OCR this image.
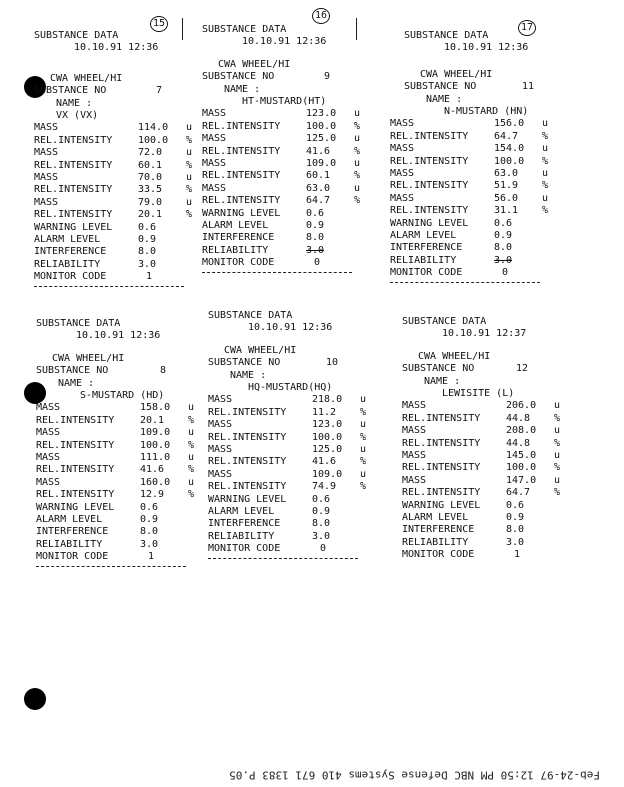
15
16
17
SUBSTANCE DATA
10.10.91 12:36
CWA WHEEL/HI
SUBSTANCE NO	7
NAME :
VX (VX)
MASS	114.0 u
REL.INTENSITY	100.0 %
MASS	72.0 u
REL.INTENSITY	60.1 %
MASS	70.0 u
REL.INTENSITY	33.5 %
MASS	79.0 u
REL.INTENSITY	20.1 %
WARNING LEVEL	0.6
ALARM LEVEL	0.9
INTERFERENCE	8.0
RELIABILITY	3.0
MONITOR CODE	1
SUBSTANCE DATA
10.10.91 12:36
CWA WHEEL/HI
SUBSTANCE NO	9
NAME :
HT-MUSTARD(HT)
MASS	123.0 u
REL.INTENSITY	100.0 %
MASS	125.0 u
REL.INTENSITY	41.6 %
MASS	109.0 u
REL.INTENSITY	60.1 %
MASS	63.0 u
REL.INTENSITY	64.7 %
WARNING LEVEL	0.6
ALARM LEVEL	0.9
INTERFERENCE	8.0
RELIABILITY	3.0
MONITOR CODE	0
SUBSTANCE DATA
10.10.91 12:36
CWA WHEEL/HI
SUBSTANCE NO	11
NAME :
N-MUSTARD (HN)
MASS	156.0 u
REL.INTENSITY	64.7 %
MASS	154.0 u
REL.INTENSITY	100.0 %
MASS	63.0 u
REL.INTENSITY	51.9 %
MASS	56.0 u
REL.INTENSITY	31.1 %
WARNING LEVEL	0.6
ALARM LEVEL	0.9
INTERFERENCE	8.0
RELIABILITY	3.0
MONITOR CODE	0
SUBSTANCE DATA
10.10.91 12:36
CWA WHEEL/HI
SUBSTANCE NO	8
NAME :
S-MUSTARD (HD)
MASS	158.0 u
REL.INTENSITY	20.1 %
MASS	109.0 u
REL.INTENSITY	100.0 %
MASS	111.0 u
REL.INTENSITY	41.6 %
MASS	160.0 u
REL.INTENSITY	12.9 %
WARNING LEVEL	0.6
ALARM LEVEL	0.9
INTERFERENCE	8.0
RELIABILITY	3.0
MONITOR CODE	1
SUBSTANCE DATA
10.10.91 12:36
CWA WHEEL/HI
SUBSTANCE NO	10
NAME :
HQ-MUSTARD(HQ)
MASS	218.0 u
REL.INTENSITY	11.2 %
MASS	123.0 u
REL.INTENSITY	100.0 %
MASS	125.0 u
REL.INTENSITY	41.6 %
MASS	109.0 u
REL.INTENSITY	74.9 %
WARNING LEVEL	0.6
ALARM LEVEL	0.9
INTERFERENCE	8.0
RELIABILITY	3.0
MONITOR CODE	0
SUBSTANCE DATA
10.10.91 12:37
CWA WHEEL/HI
SUBSTANCE NO	12
NAME :
LEWISITE (L)
MASS	206.0 u
REL.INTENSITY	44.8 %
MASS	208.0 u
REL.INTENSITY	44.8 %
MASS	145.0 u
REL.INTENSITY	100.0 %
MASS	147.0 u
REL.INTENSITY	64.7 %
WARNING LEVEL	0.6
ALARM LEVEL	0.9
INTERFERENCE	8.0
RELIABILITY	3.0
MONITOR CODE	1
Feb-24-97 12:50 PM NBC Defense Systems 410 671 1383 P.05
